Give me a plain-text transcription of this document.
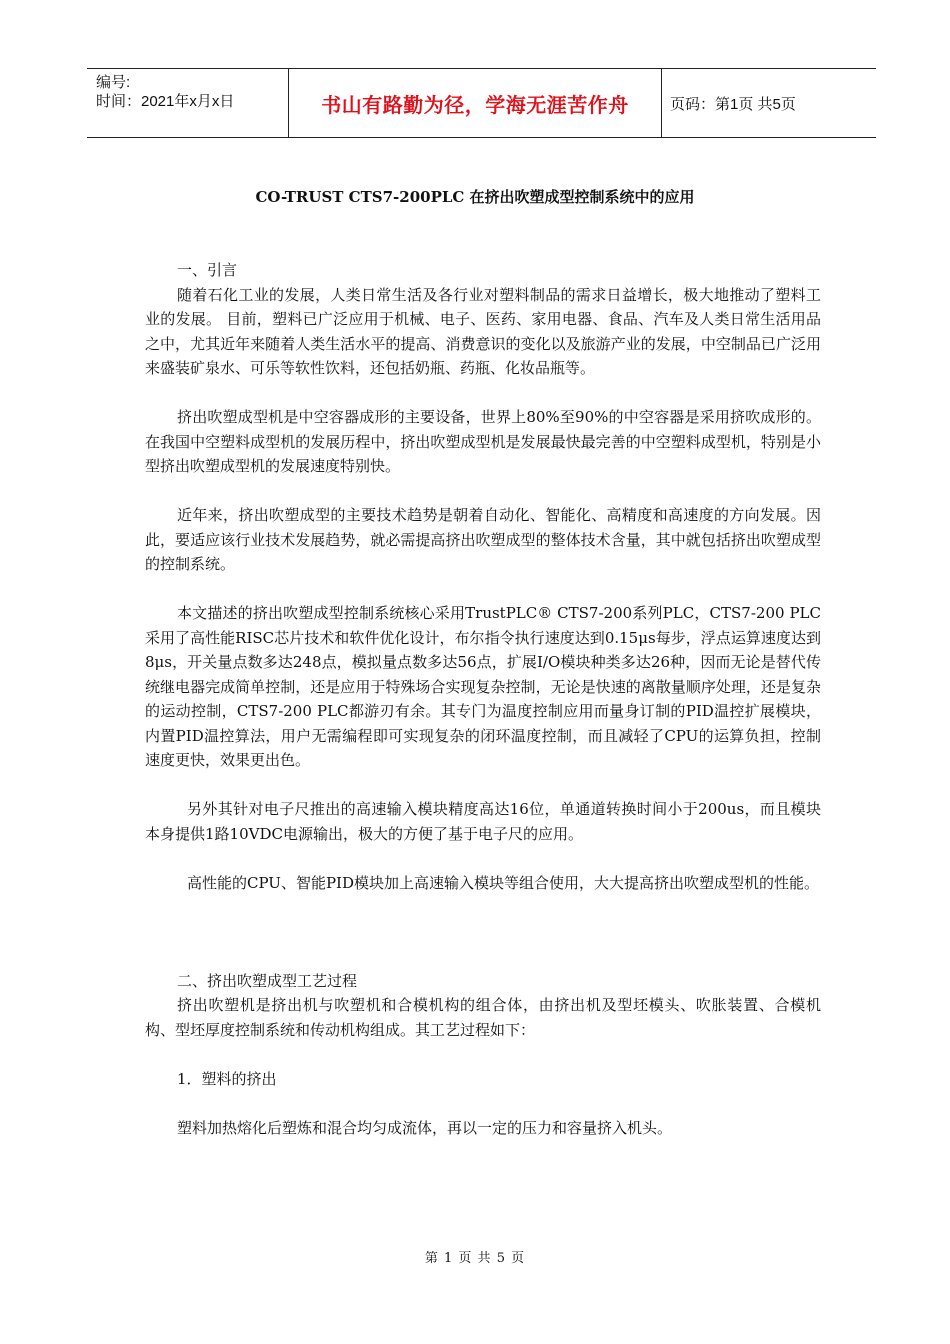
编号:
时间：2021年x月x日	书山有路勤为径，学海无涯苦作舟	页码：第1页 共5页
CO-TRUST CTS7-200PLC 在挤出吹塑成型控制系统中的应用

一、引言

随着石化工业的发展，人类日常生活及各行业对塑料制品的需求日益增长，极大地推动了塑料工业的发展。 目前，塑料已广泛应用于机械、电子、医药、家用电器、食品、汽车及人类日常生活用品之中，尤其近年来随着人类生活水平的提高、消费意识的变化以及旅游产业的发展，中空制品已广泛用来盛装矿泉水、可乐等软性饮料，还包括奶瓶、药瓶、化妆品瓶等。

挤出吹塑成型机是中空容器成形的主要设备，世界上80%至90%的中空容器是采用挤吹成形的。在我国中空塑料成型机的发展历程中，挤出吹塑成型机是发展最快最完善的中空塑料成型机，特别是小型挤出吹塑成型机的发展速度特别快。

近年来，挤出吹塑成型的主要技术趋势是朝着自动化、智能化、高精度和高速度的方向发展。因此，要适应该行业技术发展趋势，就必需提高挤出吹塑成型的整体技术含量，其中就包括挤出吹塑成型的控制系统。

本文描述的挤出吹塑成型控制系统核心采用TrustPLC® CTS7-200系列PLC，CTS7-200 PLC采用了高性能RISC芯片技术和软件优化设计，布尔指令执行速度达到0.15μs每步，浮点运算速度达到8μs，开关量点数多达248点，模拟量点数多达56点，扩展I/O模块种类多达26种，因而无论是替代传统继电器完成简单控制，还是应用于特殊场合实现复杂控制，无论是快速的离散量顺序处理，还是复杂的运动控制，CTS7-200 PLC都游刃有余。其专门为温度控制应用而量身订制的PID温控扩展模块，内置PID温控算法，用户无需编程即可实现复杂的闭环温度控制，而且减轻了CPU的运算负担，控制速度更快，效果更出色。

另外其针对电子尺推出的高速输入模块精度高达16位，单通道转换时间小于200us，而且模块本身提供1路10VDC电源输出，极大的方便了基于电子尺的应用。

高性能的CPU、智能PID模块加上高速输入模块等组合使用，大大提高挤出吹塑成型机的性能。

二、挤出吹塑成型工艺过程

挤出吹塑机是挤出机与吹塑机和合模机构的组合体，由挤出机及型坯模头、吹胀装置、合模机构、型坯厚度控制系统和传动机构组成。其工艺过程如下：

1．塑料的挤出

塑料加热熔化后塑炼和混合均匀成流体，再以一定的压力和容量挤入机头。

第 1 页 共 5 页
